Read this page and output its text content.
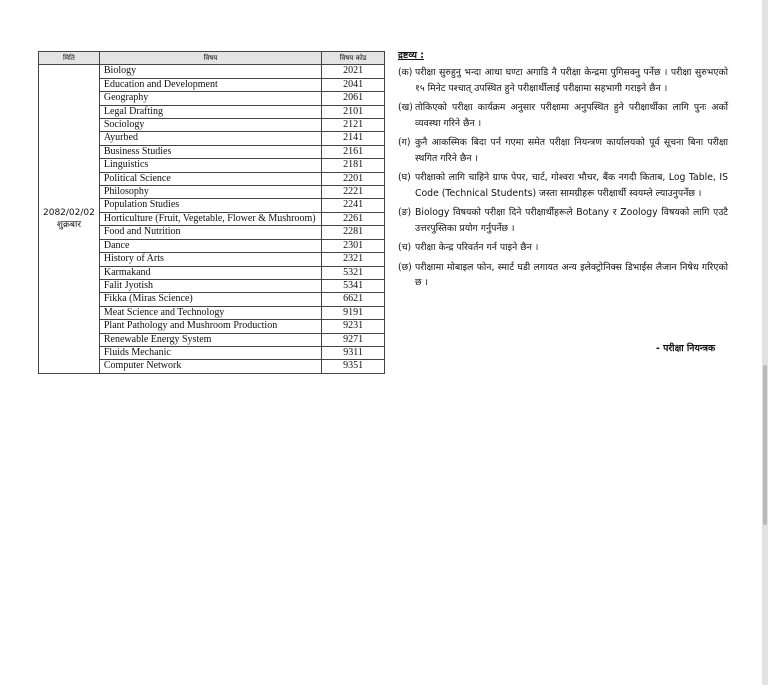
मिति	विषय	विषय कोड

2082/02/02
शुक्रबार	Biology	2021
	Education and Development	2041
	Geography	2061
	Legal Drafting	2101
	Sociology	2121
	Ayurbed	2141
	Business Studies	2161
	Linguistics	2181
	Political Science	2201
	Philosophy	2221
	Population Studies	2241
	Horticulture (Fruit, Vegetable, Flower & Mushroom)	2261
	Food and Nutrition	2281
	Dance	2301
	History of Arts	2321
	Karmakand	5321
	Falit Jyotish	5341
	Fikka (Miras Science)	6621
	Meat Science and Technology	9191
	Plant Pathology and Mushroom Production	9231
	Renewable Energy System	9271
	Fluids Mechanic	9311
	Computer Network	9351
द्रष्टव्य :
(क) परीक्षा सुरुहुनु भन्दा आधा घण्टा अगाडि नै परीक्षा केन्द्रमा पुगिसक्नु पर्नेछ । परीक्षा सुरुभएको १५ मिनेट पश्चात् उपस्थित हुने परीक्षार्थीलाई परीक्षामा सहभागी गराइने छैन ।
(ख) तोकिएको परीक्षा कार्यक्रम अनुसार परीक्षामा अनुपस्थित हुने परीक्षार्थीका लागि पुनः अर्को व्यवस्था गरिने छैन ।
(ग) कुनै आकस्मिक बिदा पर्न गएमा समेत परीक्षा नियन्त्रण कार्यालयको पूर्व सूचना बिना परीक्षा स्थगित गरिने छैन ।
(घ) परीक्षाको लागि चाहिने ग्राफ पेपर, चार्ट, गोश्वरा भौचर, बैंक नगदी किताब, Log Table, IS Code (Technical Students) जस्ता सामग्रीहरू परीक्षार्थी स्वयम्ले ल्याउनुपर्नेछ ।
(ङ) Biology विषयको परीक्षा दिने परीक्षार्थीहरूले Botany र Zoology विषयको लागि एउटै उत्तरपुस्तिका प्रयोग गर्नुपर्नेछ ।
(च) परीक्षा केन्द्र परिवर्तन गर्न पाइने छैन ।
(छ) परीक्षामा मोबाइल फोन, स्मार्ट घडी लगायत अन्य इलेक्ट्रोनिक्स डिभाईस लैजान निषेध गरिएको छ ।
- परीक्षा नियन्त्रक
